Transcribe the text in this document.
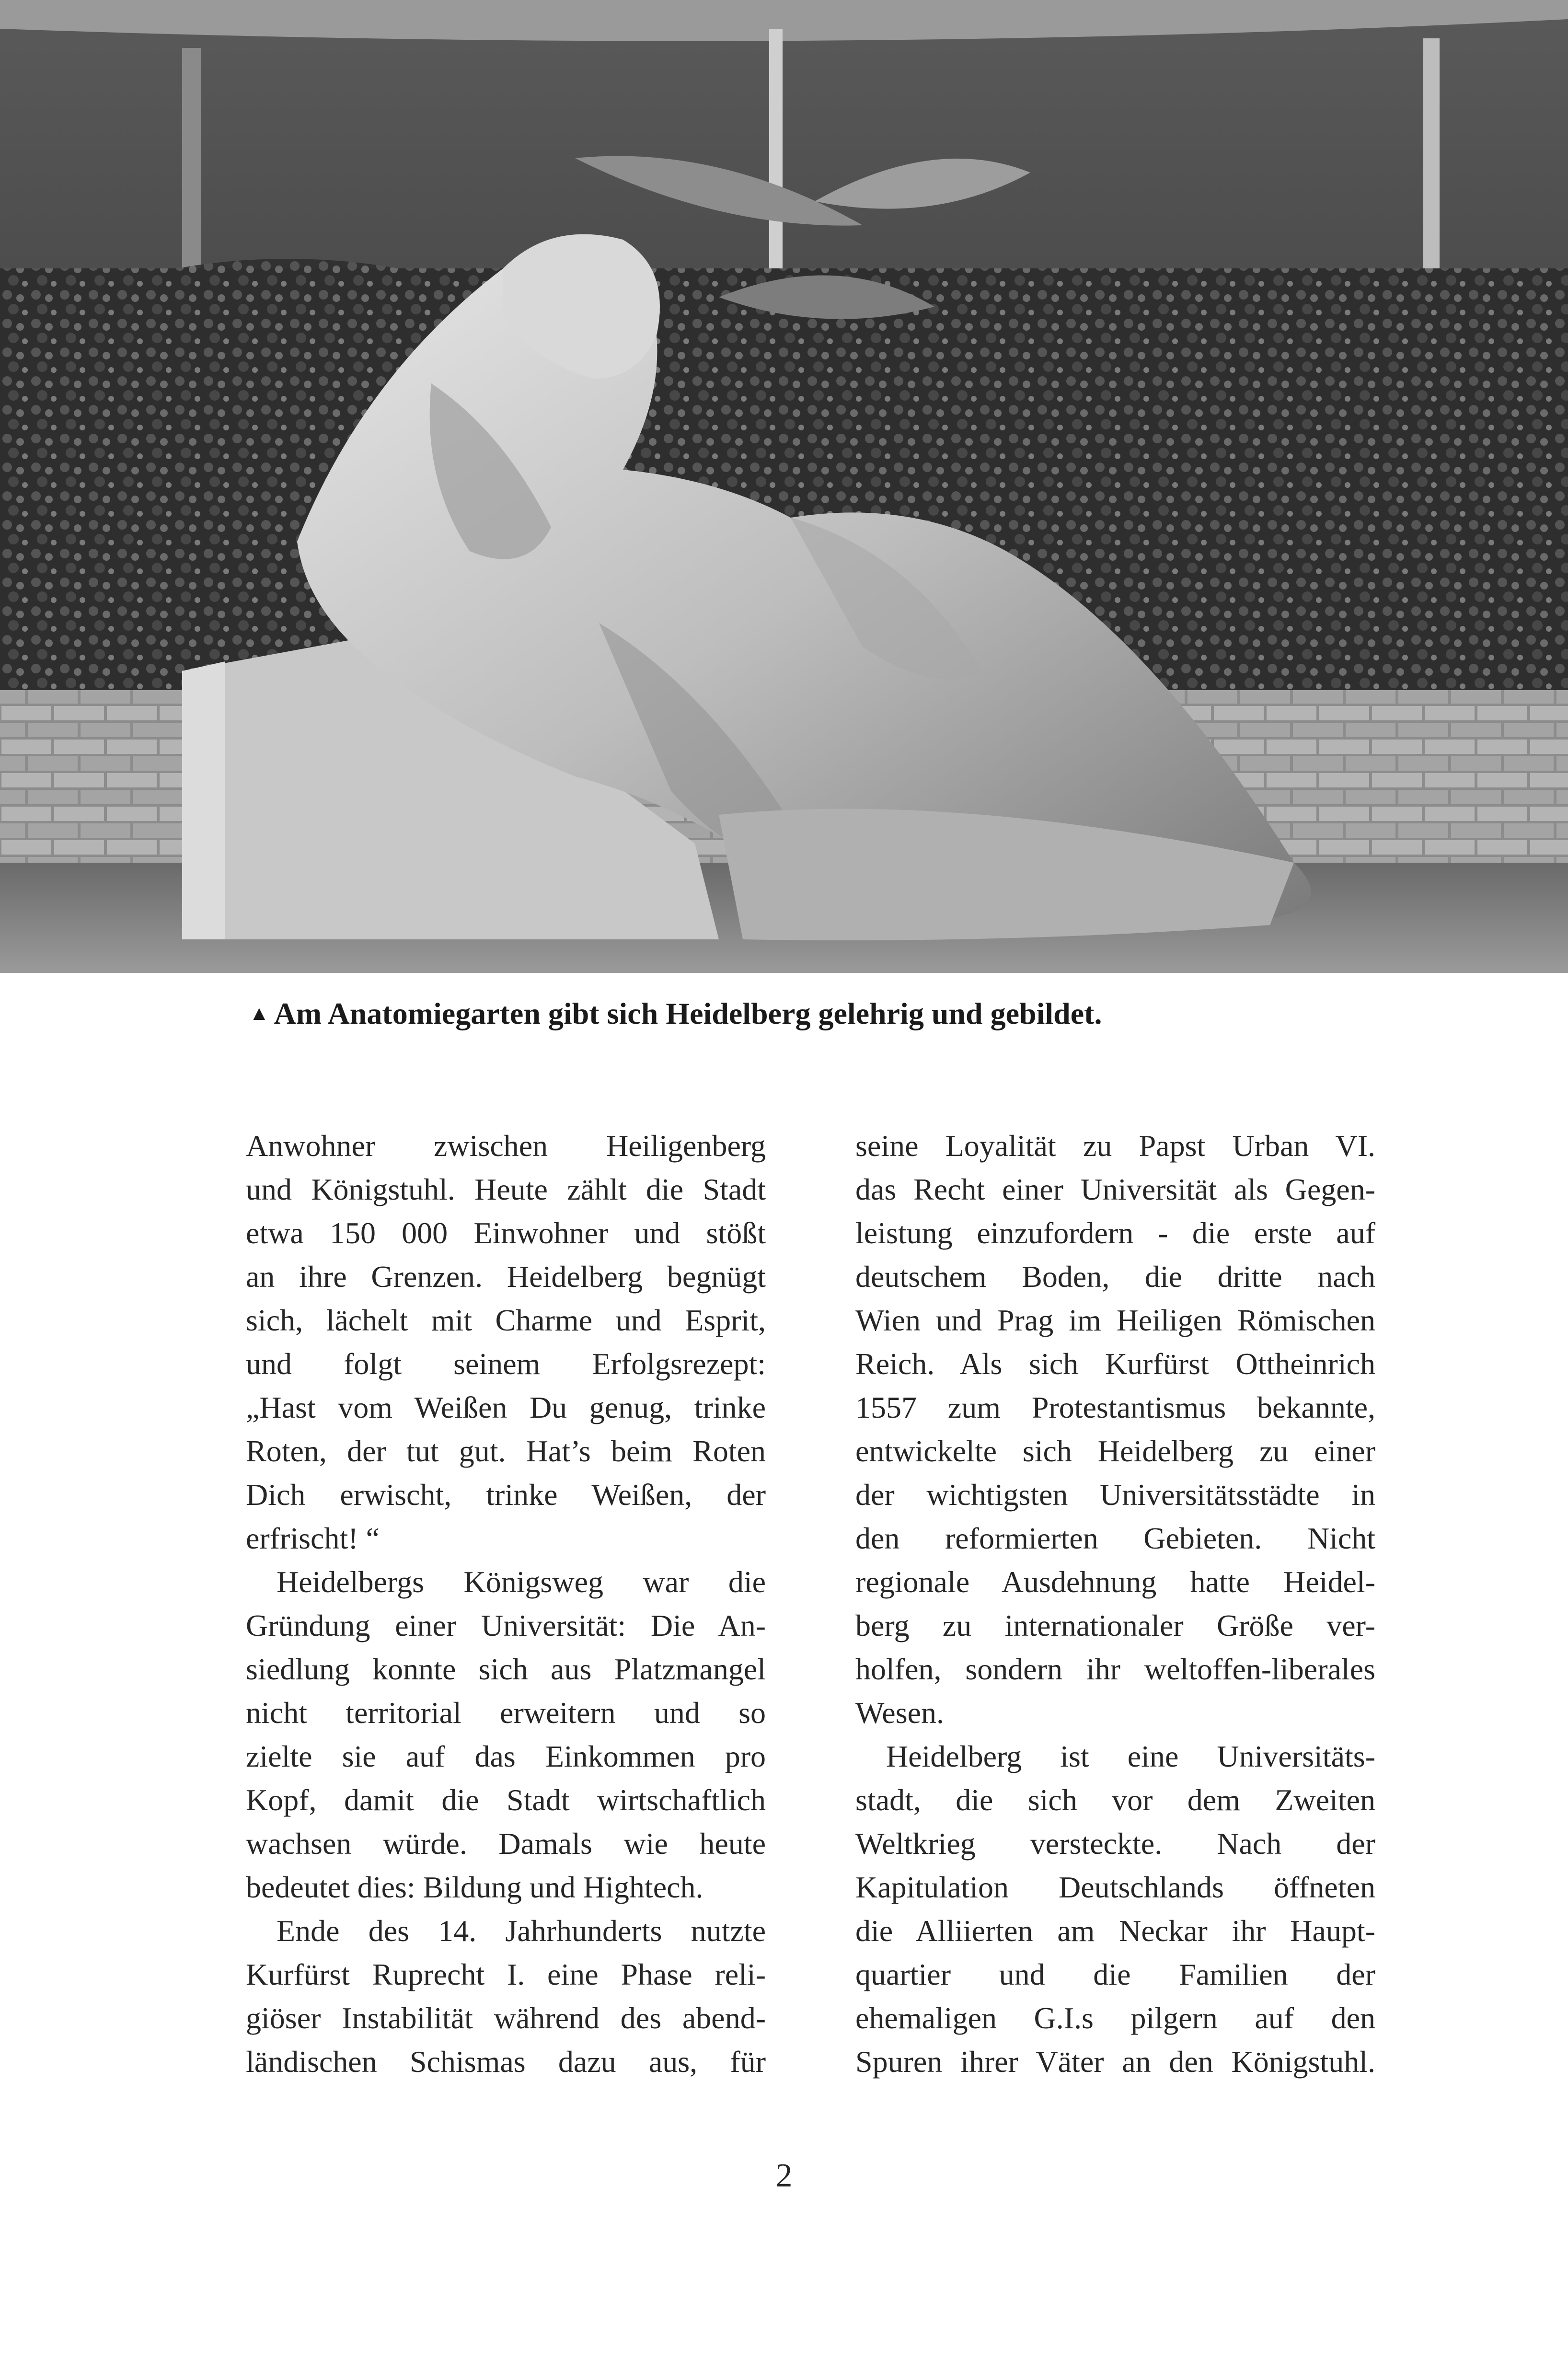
▲ Am Anatomiegarten gibt sich Heidelberg gelehrig und gebildet.
Anwohner zwischen Heiligenberg
und Königstuhl. Heute zählt die Stadt
etwa 150 000 Einwohner und stößt
an ihre Grenzen. Heidelberg begnügt
sich, lächelt mit Charme und Esprit,
und folgt seinem Erfolgsrezept:
„Hast vom Weißen Du genug, trinke
Roten, der tut gut. Hat’s beim Roten
Dich erwischt, trinke Weißen, der
erfrischt! “
Heidelbergs Königsweg war die
Gründung einer Universität: Die An-
siedlung konnte sich aus Platzmangel
nicht territorial erweitern und so
zielte sie auf das Einkommen pro
Kopf, damit die Stadt wirtschaftlich
wachsen würde. Damals wie heute
bedeutet dies: Bildung und Hightech.
Ende des 14. Jahrhunderts nutzte
Kurfürst Ruprecht I. eine Phase reli-
giöser Instabilität während des abend-
ländischen Schismas dazu aus, für
seine Loyalität zu Papst Urban VI.
das Recht einer Universität als Gegen-
leistung einzufordern - die erste auf
deutschem Boden, die dritte nach
Wien und Prag im Heiligen Römischen
Reich. Als sich Kurfürst Ottheinrich
1557 zum Protestantismus bekannte,
entwickelte sich Heidelberg zu einer
der wichtigsten Universitätsstädte in
den reformierten Gebieten. Nicht
regionale Ausdehnung hatte Heidel-
berg zu internationaler Größe ver-
holfen, sondern ihr weltoffen-liberales
Wesen.
Heidelberg ist eine Universitäts-
stadt, die sich vor dem Zweiten
Weltkrieg versteckte. Nach der
Kapitulation Deutschlands öffneten
die Alliierten am Neckar ihr Haupt-
quartier und die Familien der
ehemaligen G.I.s pilgern auf den
Spuren ihrer Väter an den Königstuhl.
2
